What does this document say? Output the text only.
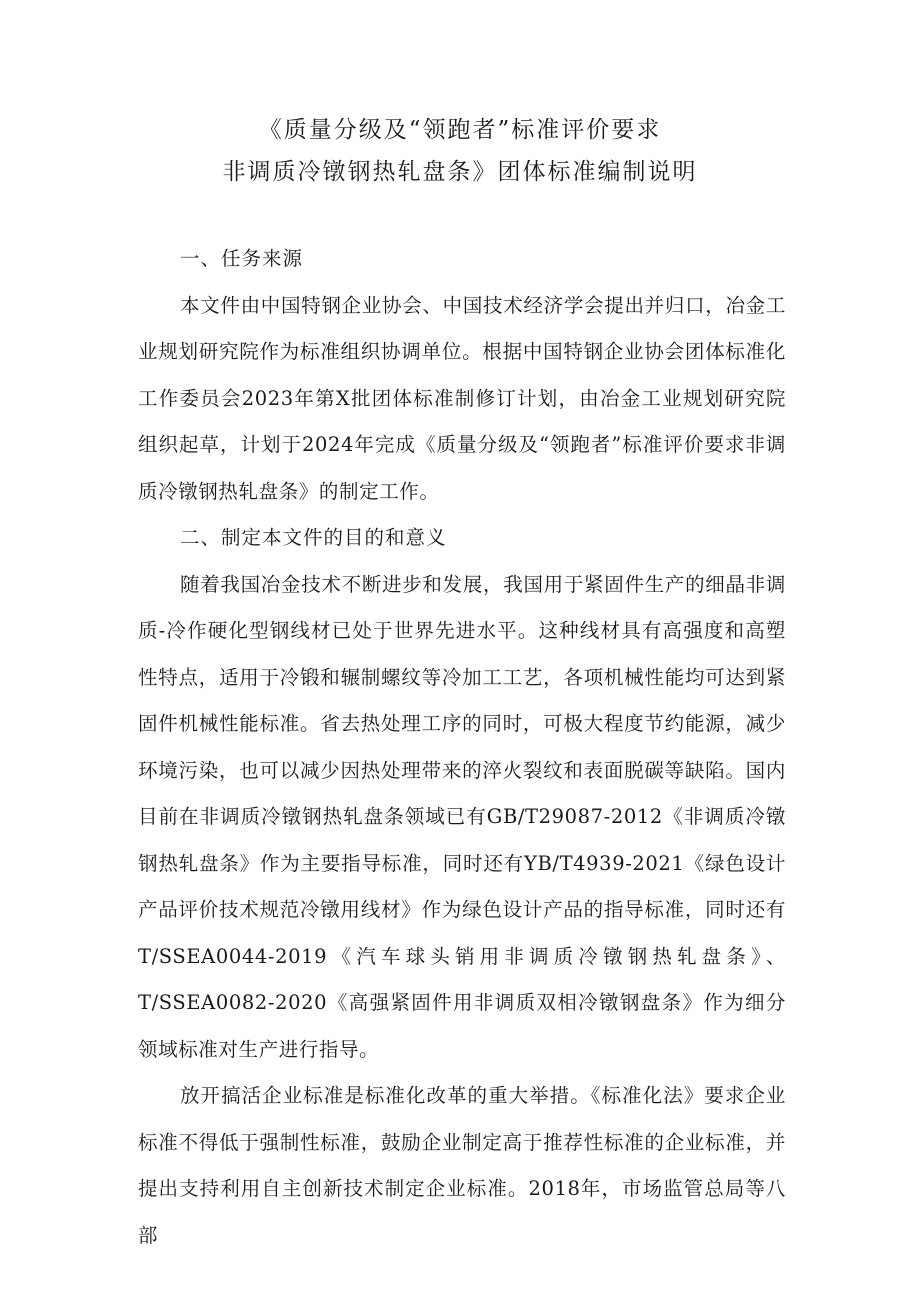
《质量分级及“领跑者”标准评价要求
非调质冷镦钢热轧盘条》团体标准编制说明

一、任务来源

本文件由中国特钢企业协会、中国技术经济学会提出并归口，冶金工业规划研究院作为标准组织协调单位。根据中国特钢企业协会团体标准化工作委员会2023年第X批团体标准制修订计划，由冶金工业规划研究院组织起草，计划于2024年完成《质量分级及“领跑者”标准评价要求非调质冷镦钢热轧盘条》的制定工作。

二、制定本文件的目的和意义

随着我国冶金技术不断进步和发展，我国用于紧固件生产的细晶非调质-冷作硬化型钢线材已处于世界先进水平。这种线材具有高强度和高塑性特点，适用于冷锻和辗制螺纹等冷加工工艺，各项机械性能均可达到紧固件机械性能标准。省去热处理工序的同时，可极大程度节约能源，减少环境污染，也可以减少因热处理带来的淬火裂纹和表面脱碳等缺陷。国内目前在非调质冷镦钢热轧盘条领域已有GB/T29087-2012《非调质冷镦钢热轧盘条》作为主要指导标准，同时还有YB/T4939-2021《绿色设计产品评价技术规范冷镦用线材》作为绿色设计产品的指导标准，同时还有T/SSEA0044-2019《汽车球头销用非调质冷镦钢热轧盘条》、T/SSEA0082-2020《高强紧固件用非调质双相冷镦钢盘条》作为细分领域标准对生产进行指导。

放开搞活企业标准是标准化改革的重大举措。《标准化法》要求企业标准不得低于强制性标准，鼓励企业制定高于推荐性标准的企业标准，并提出支持利用自主创新技术制定企业标准。2018年，市场监管总局等八部
